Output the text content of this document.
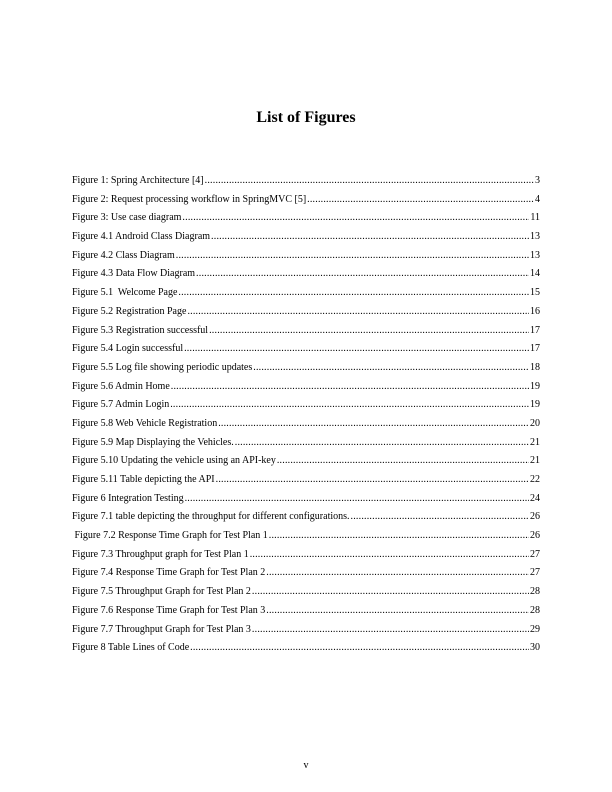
List of Figures
Figure 1: Spring Architecture [4] .....	3
Figure 2: Request processing workflow in SpringMVC [5] .....	4
Figure 3: Use case diagram .....	11
Figure 4.1 Android Class Diagram .....	13
Figure 4.2 Class Diagram .....	13
Figure 4.3 Data Flow Diagram .....	14
Figure 5.1  Welcome Page .....	15
Figure 5.2 Registration Page .....	16
Figure 5.3 Registration successful .....	17
Figure 5.4 Login successful .....	17
Figure 5.5 Log file showing periodic updates .....	18
Figure 5.6 Admin Home .....	19
Figure 5.7 Admin Login .....	19
Figure 5.8 Web Vehicle Registration .....	20
Figure 5.9 Map Displaying the Vehicles. .....	21
Figure 5.10 Updating the vehicle using an API-key .....	21
Figure 5.11 Table depicting the API .....	22
Figure 6 Integration Testing .....	24
Figure 7.1 table depicting the throughput for different configurations. .....	26
Figure 7.2 Response Time Graph for Test Plan 1 .....	26
Figure 7.3 Throughput graph for Test Plan 1 .....	27
Figure 7.4 Response Time Graph for Test Plan 2 .....	27
Figure 7.5 Throughput Graph for Test Plan 2 .....	28
Figure 7.6 Response Time Graph for Test Plan 3 .....	28
Figure 7.7 Throughput Graph for Test Plan 3 .....	29
Figure 8 Table Lines of Code .....	30
v
